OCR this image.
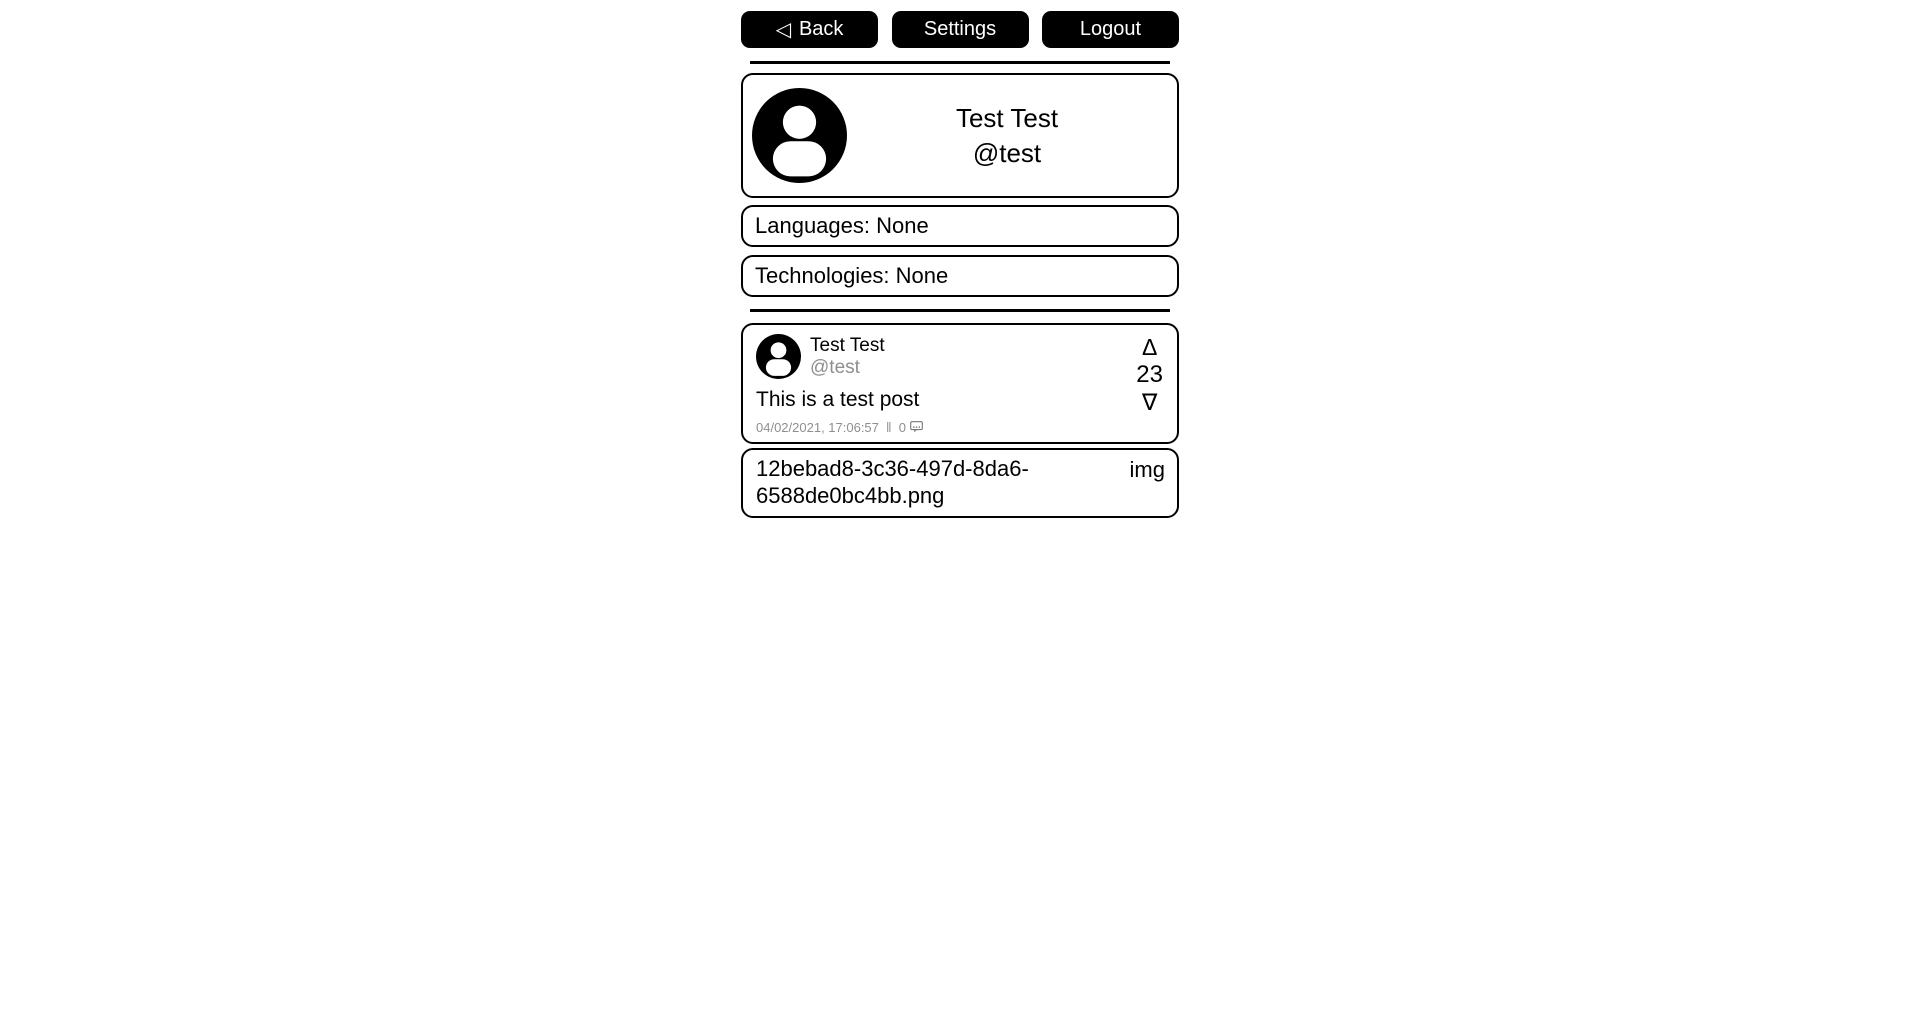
◁ Back	Settings	Logout
Test Test
@test
Languages: None
Technologies: None
Test Test
@test
This is a test post
04/02/2021, 17:06:57 ‖ 0
Δ
23
∇
12bebad8-3c36-497d-8da6-6588de0bc4bb.png
img
